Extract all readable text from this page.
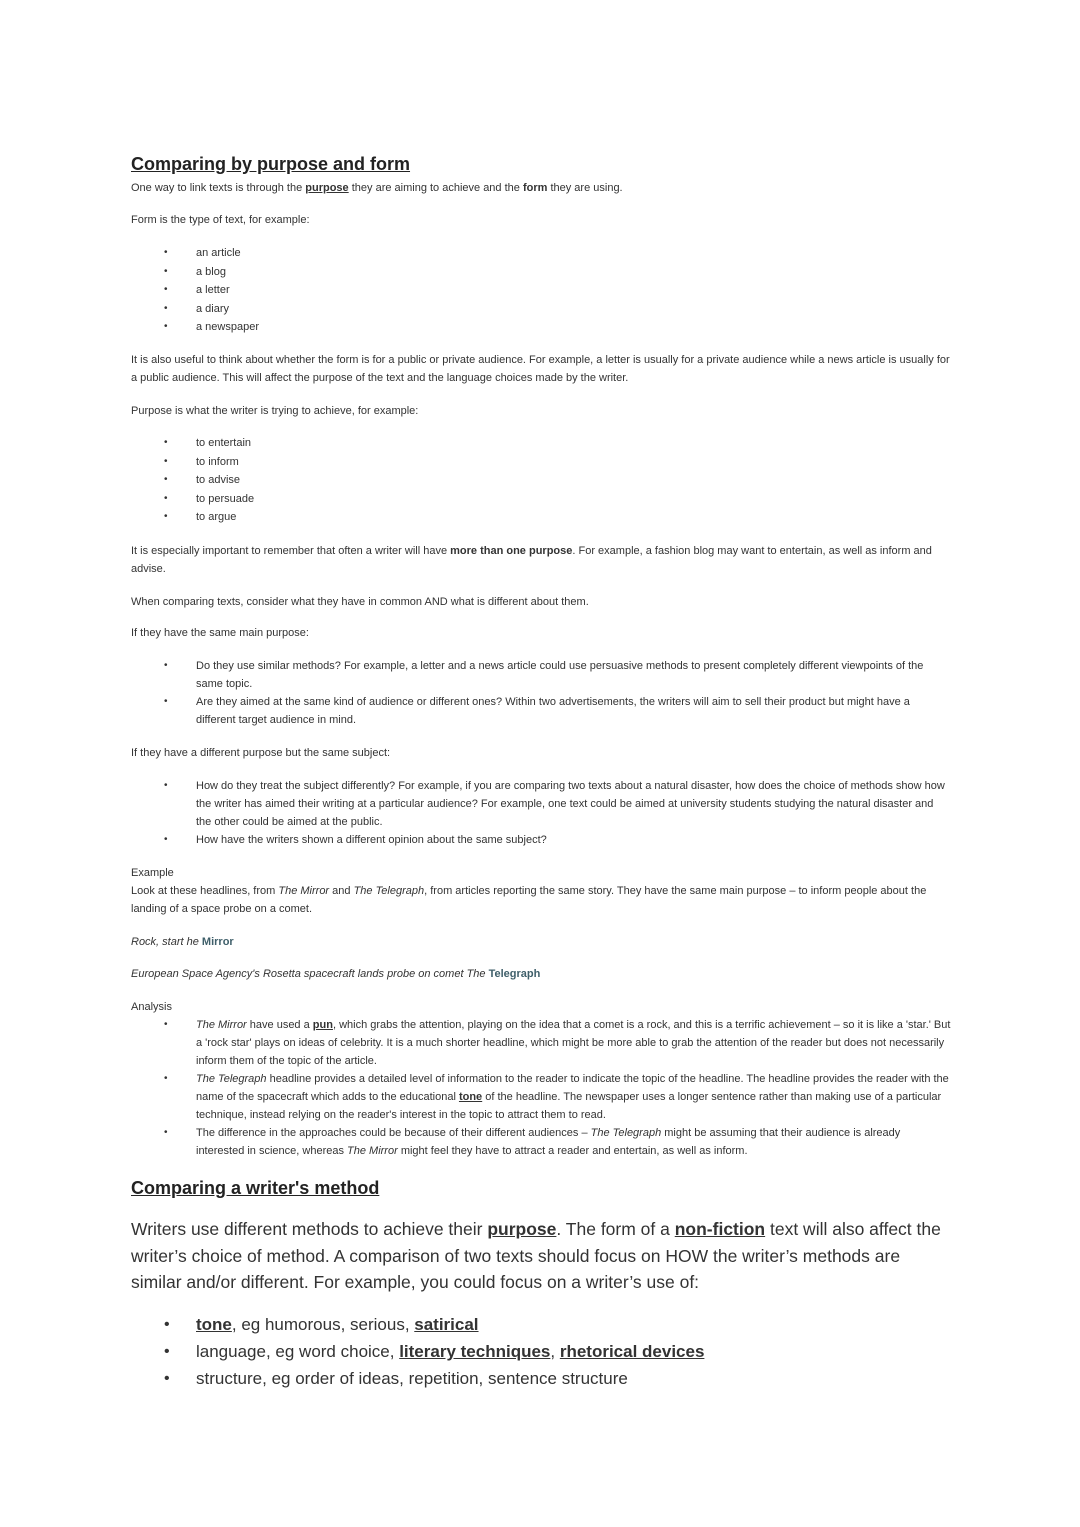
Comparing by purpose and form
One way to link texts is through the purpose they are aiming to achieve and the form they are using.
Form is the type of text, for example:
•	an article
•	a blog
•	a letter
•	a diary
•	a newspaper
It is also useful to think about whether the form is for a public or private audience. For example, a letter is usually for a private audience while a news article is usually for a public audience. This will affect the purpose of the text and the language choices made by the writer.
Purpose is what the writer is trying to achieve, for example:
•	to entertain
•	to inform
•	to advise
•	to persuade
•	to argue
It is especially important to remember that often a writer will have more than one purpose. For example, a fashion blog may want to entertain, as well as inform and advise.
When comparing texts, consider what they have in common AND what is different about them.
If they have the same main purpose:
•	Do they use similar methods? For example, a letter and a news article could use persuasive methods to present completely different viewpoints of the same topic.
•	Are they aimed at the same kind of audience or different ones? Within two advertisements, the writers will aim to sell their product but might have a different target audience in mind.
If they have a different purpose but the same subject:
•	How do they treat the subject differently? For example, if you are comparing two texts about a natural disaster, how does the choice of methods show how the writer has aimed their writing at a particular audience? For example, one text could be aimed at university students studying the natural disaster and the other could be aimed at the public.
•	How have the writers shown a different opinion about the same subject?
Example
Look at these headlines, from The Mirror and The Telegraph, from articles reporting the same story. They have the same main purpose – to inform people about the landing of a space probe on a comet.
Rock, start he Mirror
European Space Agency's Rosetta spacecraft lands probe on comet The Telegraph
Analysis
•	The Mirror have used a pun, which grabs the attention, playing on the idea that a comet is a rock, and this is a terrific achievement – so it is like a 'star.' But a 'rock star' plays on ideas of celebrity. It is a much shorter headline, which might be more able to grab the attention of the reader but does not necessarily inform them of the topic of the article.
•	The Telegraph headline provides a detailed level of information to the reader to indicate the topic of the headline. The headline provides the reader with the name of the spacecraft which adds to the educational tone of the headline. The newspaper uses a longer sentence rather than making use of a particular technique, instead relying on the reader's interest in the topic to attract them to read.
•	The difference in the approaches could be because of their different audiences – The Telegraph might be assuming that their audience is already interested in science, whereas The Mirror might feel they have to attract a reader and entertain, as well as inform.
Comparing a writer's method
Writers use different methods to achieve their purpose. The form of a non-fiction text will also affect the writer’s choice of method. A comparison of two texts should focus on HOW the writer’s methods are similar and/or different. For example, you could focus on a writer’s use of:
• tone, eg humorous, serious, satirical
• language, eg word choice, literary techniques, rhetorical devices
• structure, eg order of ideas, repetition, sentence structure
